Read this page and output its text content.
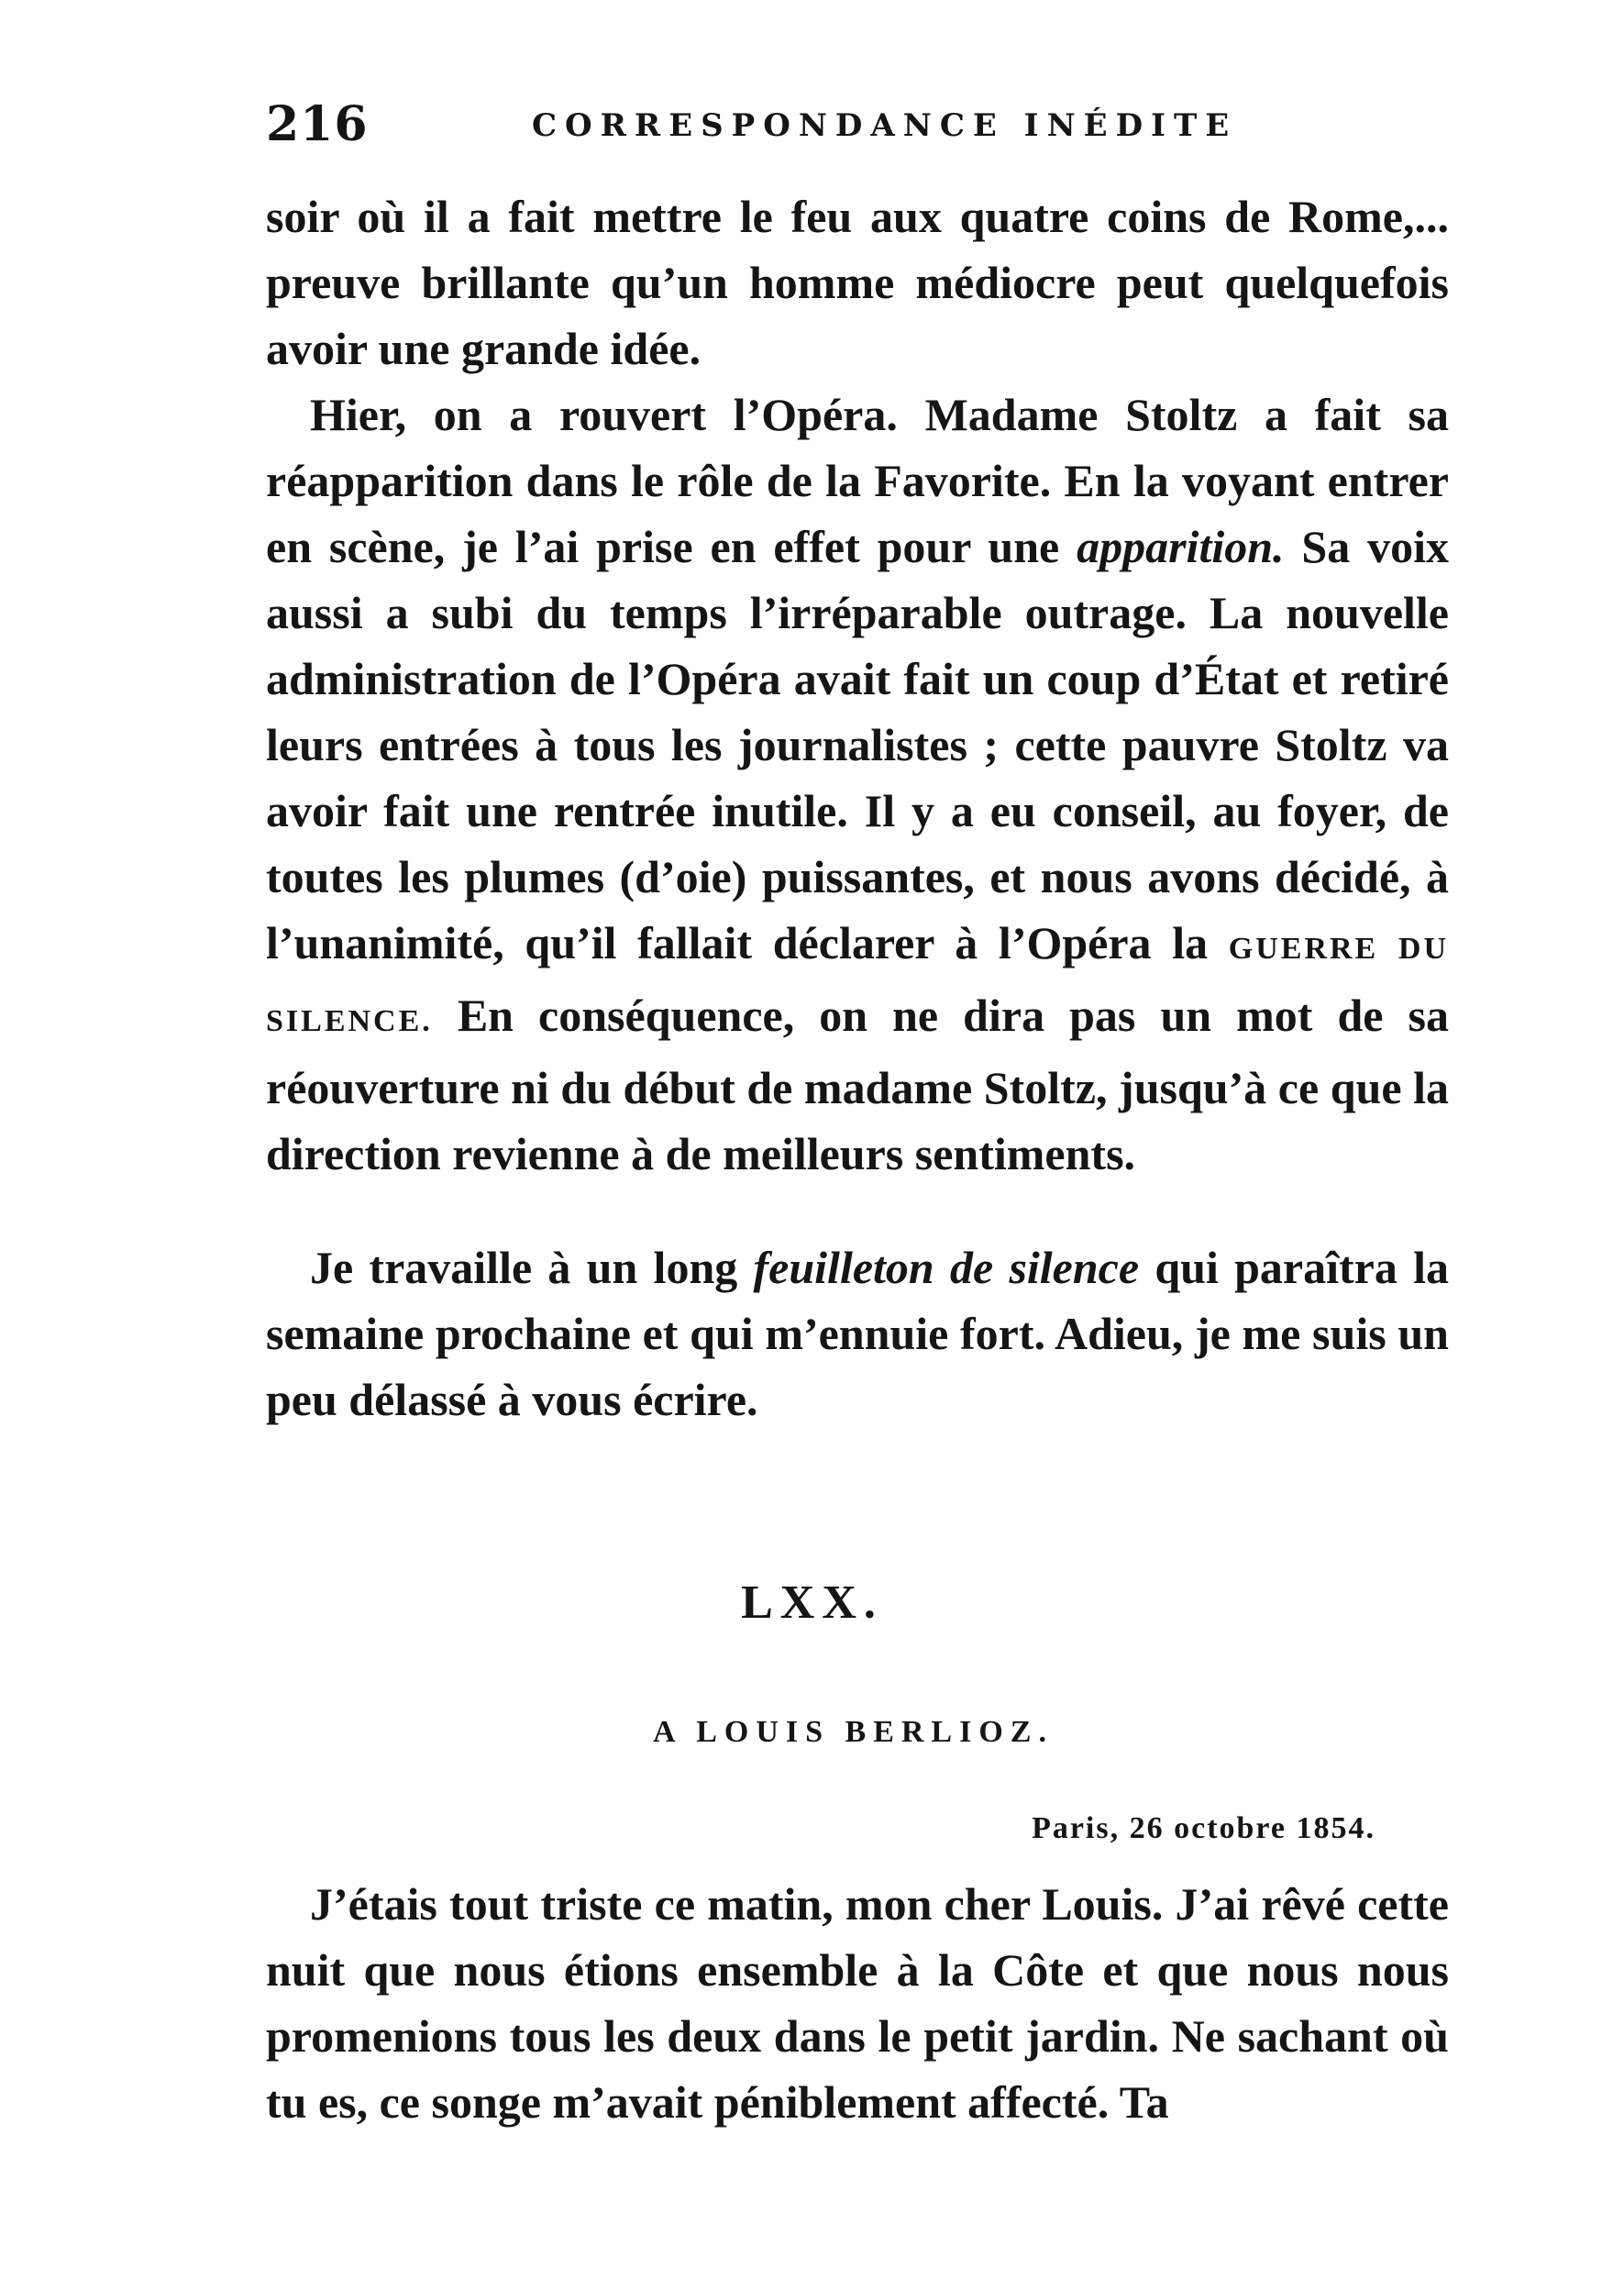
216	CORRESPONDANCE INÉDITE

soir où il a fait mettre le feu aux quatre coins de Rome,... preuve brillante qu’un homme médiocre peut quelquefois avoir une grande idée.

Hier, on a rouvert l’Opéra. Madame Stoltz a fait sa réapparition dans le rôle de la Favorite. En la voyant entrer en scène, je l’ai prise en effet pour une apparition. Sa voix aussi a subi du temps l’irréparable outrage. La nouvelle administration de l’Opéra avait fait un coup d’État et retiré leurs entrées à tous les journalistes ; cette pauvre Stoltz va avoir fait une rentrée inutile. Il y a eu conseil, au foyer, de toutes les plumes (d’oie) puissantes, et nous avons décidé, à l’unanimité, qu’il fallait déclarer à l’Opéra la GUERRE DU SILENCE. En conséquence, on ne dira pas un mot de sa réouverture ni du début de madame Stoltz, jusqu’à ce que la direction revienne à de meilleurs sentiments.

Je travaille à un long feuilleton de silence qui paraîtra la semaine prochaine et qui m’ennuie fort. Adieu, je me suis un peu délassé à vous écrire.

LXX.
A LOUIS BERLIOZ.
Paris, 26 octobre 1854.

J’étais tout triste ce matin, mon cher Louis. J’ai rêvé cette nuit que nous étions ensemble à la Côte et que nous nous promenions tous les deux dans le petit jardin. Ne sachant où tu es, ce songe m’avait péniblement affecté. Ta
